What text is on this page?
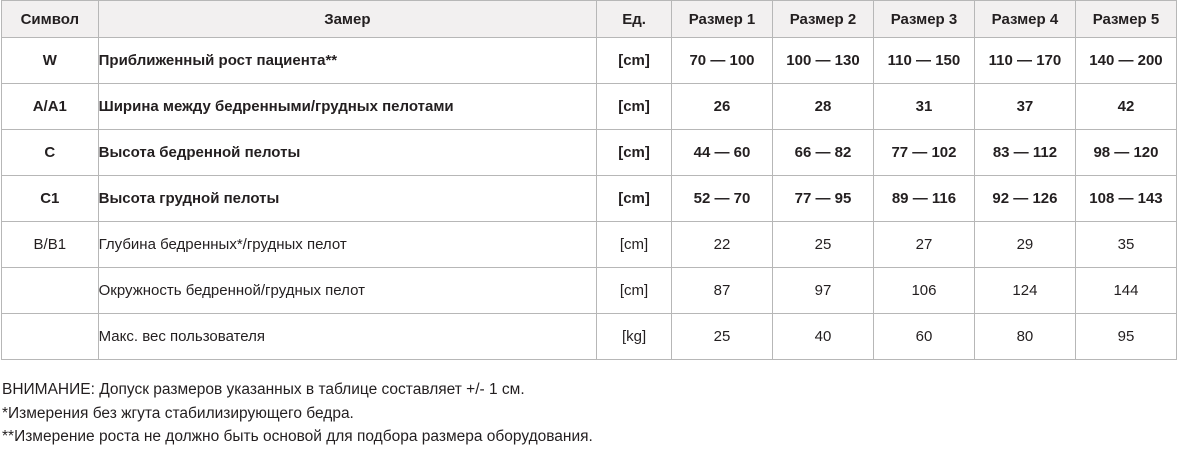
Символ	Замер	Ед.	Размер 1	Размер 2	Размер 3	Размер 4	Размер 5
W	Приближенный рост пациента**	[cm]	70 — 100	100 — 130	110 — 150	110 — 170	140 — 200
A/A1	Ширина между бедренными/грудных пелотами	[cm]	26	28	31	37	42
C	Высота бедренной пелоты	[cm]	44 — 60	66 — 82	77 — 102	83 — 112	98 — 120
C1	Высота грудной пелоты	[cm]	52 — 70	77 — 95	89 — 116	92 — 126	108 — 143
B/B1	Глубина бедренных*/грудных пелот	[cm]	22	25	27	29	35
	Окружность бедренной/грудных пелот	[cm]	87	97	106	124	144
	Макс. вес пользователя	[kg]	25	40	60	80	95
ВНИМАНИЕ: Допуск размеров указанных в таблице составляет +/- 1 см.
*Измерения без жгута стабилизирующего бедра.
**Измерение роста не должно быть основой для подбора размера оборудования.
